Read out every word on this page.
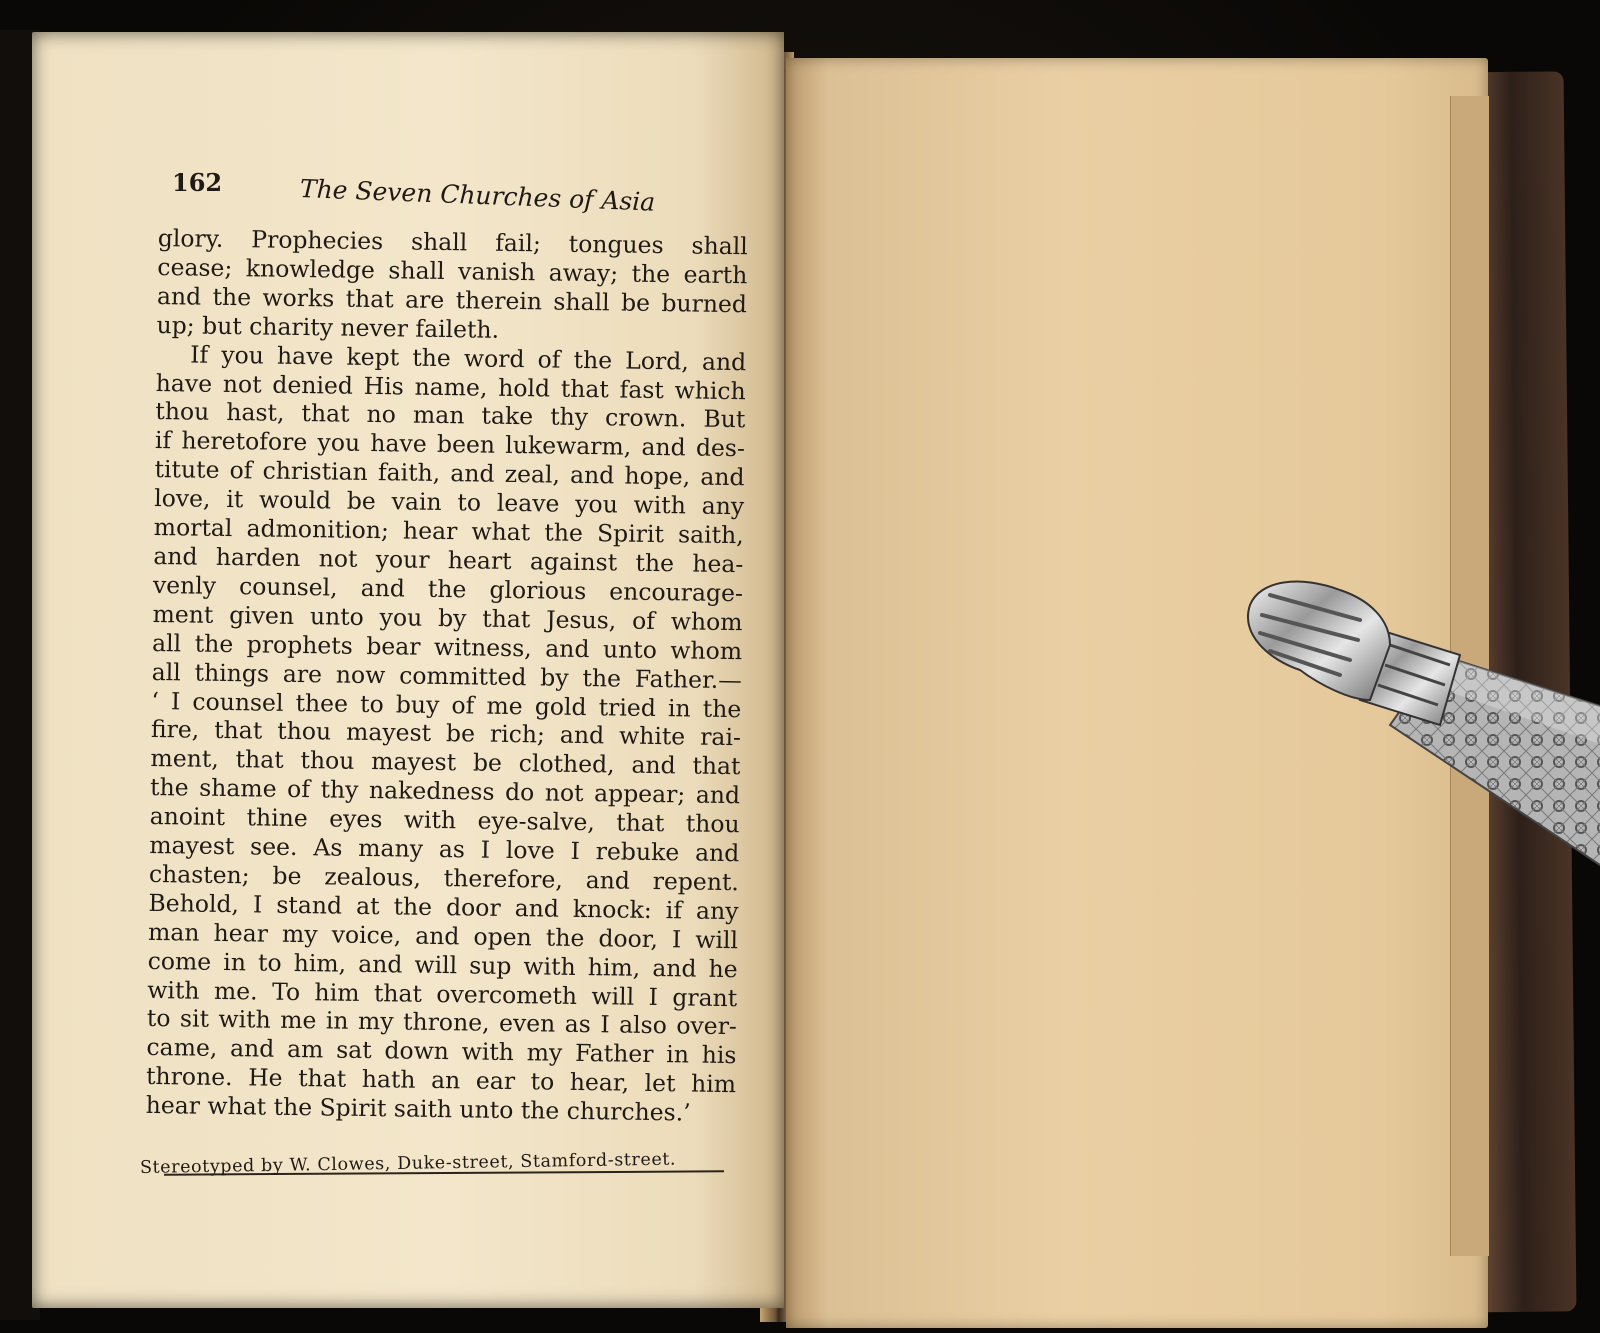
162	The Seven Churches of Asia
glory. Prophecies shall fail; tongues shall
cease; knowledge shall vanish away; the earth
and the works that are therein shall be burned
up; but charity never faileth.
If you have kept the word of the Lord, and
have not denied His name, hold that fast which
thou hast, that no man take thy crown. But
if heretofore you have been lukewarm, and des-
titute of christian faith, and zeal, and hope, and
love, it would be vain to leave you with any
mortal admonition; hear what the Spirit saith,
and harden not your heart against the hea-
venly counsel, and the glorious encourage-
ment given unto you by that Jesus, of whom
all the prophets bear witness, and unto whom
all things are now committed by the Father.—
‘ I counsel thee to buy of me gold tried in the
fire, that thou mayest be rich; and white rai-
ment, that thou mayest be clothed, and that
the shame of thy nakedness do not appear; and
anoint thine eyes with eye-salve, that thou
mayest see. As many as I love I rebuke and
chasten; be zealous, therefore, and repent.
Behold, I stand at the door and knock: if any
man hear my voice, and open the door, I will
come in to him, and will sup with him, and he
with me. To him that overcometh will I grant
to sit with me in my throne, even as I also over-
came, and am sat down with my Father in his
throne. He that hath an ear to hear, let him
hear what the Spirit saith unto the churches.’
Stereotyped by W. Clowes, Duke-street, Stamford-street.
